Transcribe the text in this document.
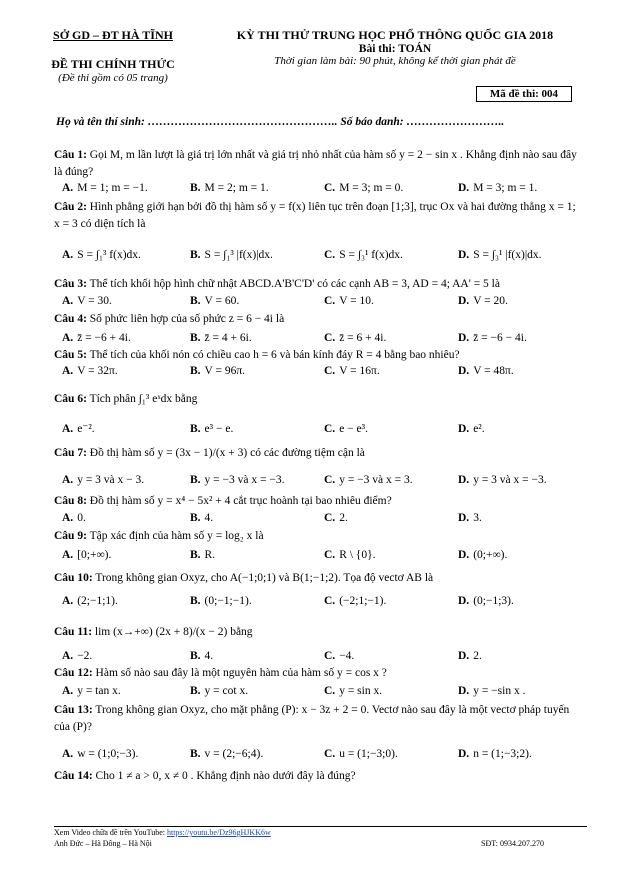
SỞ GD – ĐT HÀ TĨNH
ĐỀ THI CHÍNH THỨC
(Đề thi gồm có 05 trang)
KỲ THI THỬ TRUNG HỌC PHỔ THÔNG QUỐC GIA 2018
Bài thi: TOÁN
Thời gian làm bài: 90 phút, không kể thời gian phát đề
Mã đề thi: 004
Họ và tên thí sinh: ………………………………………….. Số báo danh: ……………………..
Câu 1: Gọi M, m lần lượt là giá trị lớn nhất và giá trị nhỏ nhất của hàm số y = 2 − sin x . Khẳng định nào sau đây là đúng?
A. M = 1; m = −1.	B. M = 2; m = 1.	C. M = 3; m = 0.	D. M = 3; m = 1.
Câu 2: Hình phẳng giới hạn bởi đồ thị hàm số y = f(x) liên tục trên đoạn [1;3], trục Ox và hai đường thẳng x = 1; x = 3 có diện tích là
A. S = ∫₁³ f(x)dx.	B. S = ∫₁³ |f(x)|dx.	C. S = ∫₃¹ f(x)dx.	D. S = ∫₃¹ |f(x)|dx.
Câu 3: Thể tích khối hộp hình chữ nhật ABCD.A'B'C'D' có các cạnh AB = 3, AD = 4; AA' = 5 là
A. V = 30.	B. V = 60.	C. V = 10.	D. V = 20.
Câu 4: Số phức liên hợp của số phức z = 6 − 4i là
A. z̄ = −6 + 4i.	B. z̄ = 4 + 6i.	C. z̄ = 6 + 4i.	D. z̄ = −6 − 4i.
Câu 5: Thể tích của khối nón có chiều cao h = 6 và bán kính đáy R = 4 bằng bao nhiêu?
A. V = 32π.	B. V = 96π.	C. V = 16π.	D. V = 48π.
Câu 6: Tích phân ∫₁³ eˣdx bằng
A. e⁻².	B. e³ − e.	C. e − e³.	D. e².
Câu 7: Đồ thị hàm số y = (3x − 1)/(x + 3) có các đường tiệm cận là
A. y = 3 và x − 3.	B. y = −3 và x = −3.	C. y = −3 và x = 3.	D. y = 3 và x = −3.
Câu 8: Đồ thị hàm số y = x⁴ − 5x² + 4 cắt trục hoành tại bao nhiêu điểm?
A. 0.	B. 4.	C. 2.	D. 3.
Câu 9: Tập xác định của hàm số y = log₂ x là
A. [0;+∞).	B. R.	C. R \ {0}.	D. (0;+∞).
Câu 10: Trong không gian Oxyz, cho A(−1;0;1) và B(1;−1;2). Tọa độ vectơ AB là
A. (2;−1;1).	B. (0;−1;−1).	C. (−2;1;−1).	D. (0;−1;3).
Câu 11: lim (x→+∞) (2x + 8)/(x − 2) bằng
A. −2.	B. 4.	C. −4.	D. 2.
Câu 12: Hàm số nào sau đây là một nguyên hàm của hàm số y = cos x ?
A. y = tan x.	B. y = cot x.	C. y = sin x.	D. y = −sin x .
Câu 13: Trong không gian Oxyz, cho mặt phẳng (P): x − 3z + 2 = 0. Vectơ nào sau đây là một vectơ pháp tuyến của (P)?
A. w = (1;0;−3).	B. v = (2;−6;4).	C. u = (1;−3;0).	D. n = (1;−3;2).
Câu 14: Cho 1 ≠ a > 0, x ≠ 0 . Khẳng định nào dưới đây là đúng?
Xem Video chữa đề trên YouTube: https://youtu.be/Dz96gHJKK6w
Anh Đức – Hà Đông – Hà Nội	SĐT: 0934.207.270
